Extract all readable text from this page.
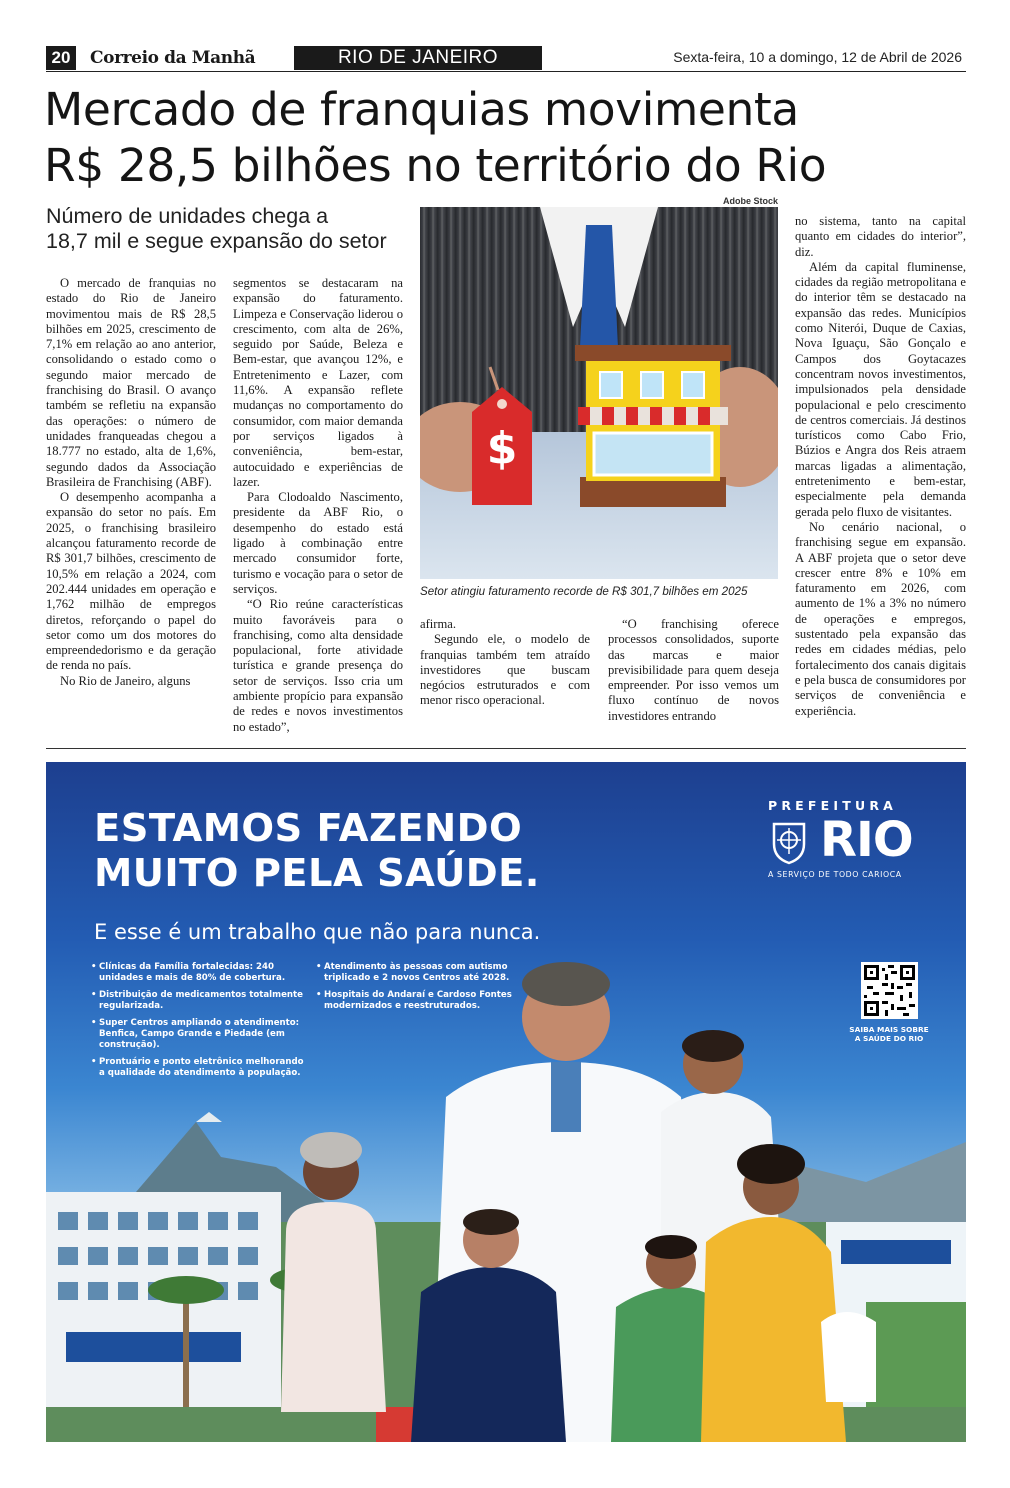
20	Correio da Manhã	RIO DE JANEIRO	Sexta-feira, 10 a domingo, 12 de Abril de 2026
Mercado de franquias movimenta
R$ 28,5 bilhões no território do Rio
Número de unidades chega a
18,7 mil e segue expansão do setor

O mercado de franquias no estado do Rio de Janeiro movimentou mais de R$ 28,5 bilhões em 2025, crescimento de 7,1% em relação ao ano anterior, consolidando o estado como o segundo maior mercado de franchising do Brasil. O avanço também se refletiu na expansão das operações: o número de unidades franqueadas chegou a 18.777 no estado, alta de 1,6%, segundo dados da Associação Brasileira de Franchising (ABF).

O desempenho acompanha a expansão do setor no país. Em 2025, o franchising brasileiro alcançou faturamento recorde de R$ 301,7 bilhões, crescimento de 10,5% em relação a 2024, com 202.444 unidades em operação e 1,762 milhão de empregos diretos, reforçando o papel do setor como um dos motores do empreendedorismo e da geração de renda no país.

No Rio de Janeiro, alguns

segmentos se destacaram na expansão do faturamento. Limpeza e Conservação liderou o crescimento, com alta de 26%, seguido por Saúde, Beleza e Bem-estar, que avançou 12%, e Entretenimento e Lazer, com 11,6%. A expansão reflete mudanças no comportamento do consumidor, com maior demanda por serviços ligados à conveniência, bem-estar, autocuidado e experiências de lazer.

Para Clodoaldo Nascimento, presidente da ABF Rio, o desempenho do estado está ligado à combinação entre mercado consumidor forte, turismo e vocação para o setor de serviços.

“O Rio reúne características muito favoráveis para o franchising, como alta densidade populacional, forte atividade turística e grande presença do setor de serviços. Isso cria um ambiente propício para expansão de redes e novos investimentos no estado”,

afirma.

Segundo ele, o modelo de franquias também tem atraído investidores que buscam negócios estruturados e com menor risco operacional.

“O franchising oferece processos consolidados, suporte das marcas e maior previsibilidade para quem deseja empreender. Por isso vemos um fluxo contínuo de novos investidores entrando

no sistema, tanto na capital quanto em cidades do interior”, diz.

Além da capital fluminense, cidades da região metropolitana e do interior têm se destacado na expansão das redes. Municípios como Niterói, Duque de Caxias, Nova Iguaçu, São Gonçalo e Campos dos Goytacazes concentram novos investimentos, impulsionados pela densidade populacional e pelo crescimento de centros comerciais. Já destinos turísticos como Cabo Frio, Búzios e Angra dos Reis atraem marcas ligadas a alimentação, entretenimento e bem-estar, especialmente pela demanda gerada pelo fluxo de visitantes.

No cenário nacional, o franchising segue em expansão. A ABF projeta que o setor deve crescer entre 8% e 10% em faturamento em 2026, com aumento de 1% a 3% no número de operações e empregos, sustentado pela expansão das redes em cidades médias, pelo fortalecimento dos canais digitais e pela busca de consumidores por serviços de conveniência e experiência.

Adobe Stock
$
Setor atingiu faturamento recorde de R$ 301,7 bilhões em 2025
ESTAMOS FAZENDO
MUITO PELA SAÚDE.
E esse é um trabalho que não para nunca.
• Clínicas da Família fortalecidas: 240 unidades e mais de 80% de cobertura.
• Distribuição de medicamentos totalmente regularizada.
• Super Centros ampliando o atendimento: Benfica, Campo Grande e Piedade (em construção).
• Prontuário e ponto eletrônico melhorando a qualidade do atendimento à população.
• Atendimento às pessoas com autismo triplicado e 2 novos Centros até 2028.
• Hospitais do Andaraí e Cardoso Fontes modernizados e reestruturados.
PREFEITURA
RIO
A SERVIÇO DE TODO CARIOCA
SAIBA MAIS SOBRE A SAÚDE DO RIO
